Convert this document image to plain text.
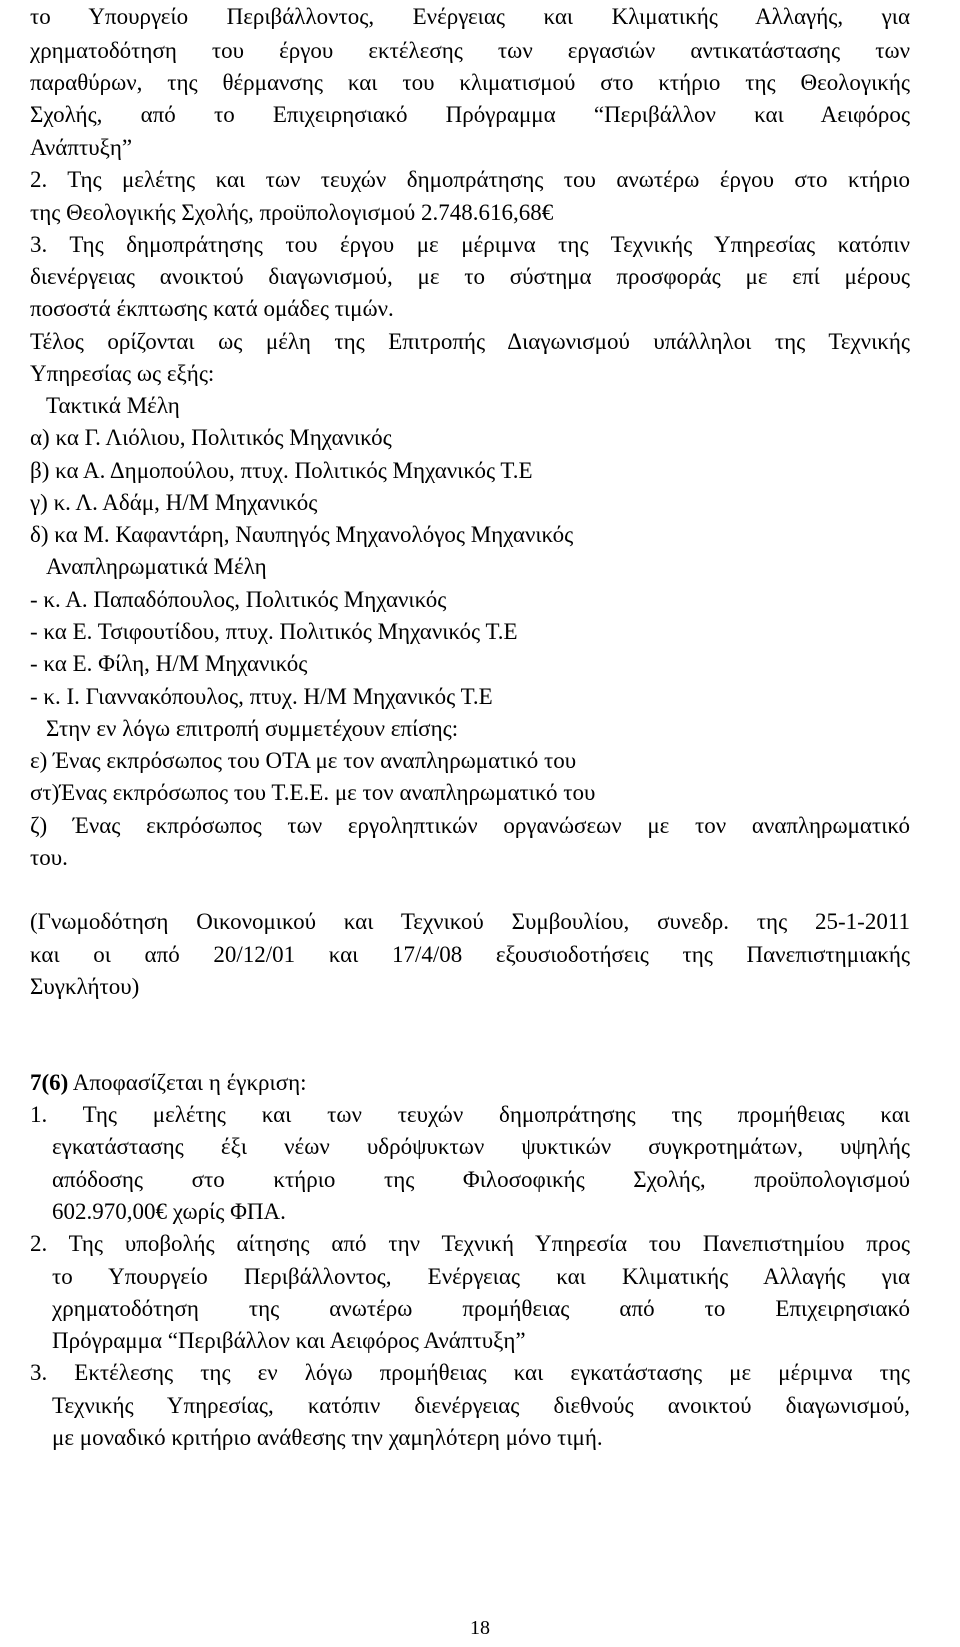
το Υπουργείο Περιβάλλοντος, Ενέργειας και Κλιματικής Αλλαγής, για
χρηματοδότηση του έργου εκτέλεσης των εργασιών αντικατάστασης των
παραθύρων, της θέρμανσης και του κλιματισμού στο κτήριο της Θεολογικής
Σχολής, από το Επιχειρησιακό Πρόγραμμα “Περιβάλλον και Αειφόρος
Ανάπτυξη”
2. Της μελέτης και των τευχών δημοπράτησης του ανωτέρω έργου στο κτήριο
της Θεολογικής Σχολής, προϋπολογισμού 2.748.616,68€
3. Της δημοπράτησης του έργου με μέριμνα της Τεχνικής Υπηρεσίας κατόπιν
διενέργειας ανοικτού διαγωνισμού, με το σύστημα προσφοράς με επί μέρους
ποσοστά έκπτωσης κατά ομάδες τιμών.
Τέλος ορίζονται ως μέλη της Επιτροπής Διαγωνισμού υπάλληλοι της Τεχνικής
Υπηρεσίας ως εξής:
Τακτικά Μέλη
α) κα Γ. Λιόλιου, Πολιτικός Μηχανικός
β) κα Α. Δημοπούλου, πτυχ. Πολιτικός Μηχανικός Τ.Ε
γ) κ. Λ. Αδάμ, Η/Μ Μηχανικός
δ) κα Μ. Καφαντάρη, Ναυπηγός Μηχανολόγος Μηχανικός
Αναπληρωματικά Μέλη
- κ. Α. Παπαδόπουλος, Πολιτικός Μηχανικός
- κα Ε. Τσιφουτίδου, πτυχ. Πολιτικός Μηχανικός Τ.Ε
- κα Ε. Φίλη, Η/Μ Μηχανικός
- κ. Ι. Γιαννακόπουλος, πτυχ. Η/Μ Μηχανικός Τ.Ε
Στην εν λόγω επιτροπή συμμετέχουν επίσης:
ε) Ένας εκπρόσωπος του ΟΤΑ με τον αναπληρωματικό του
στ)Ένας εκπρόσωπος του Τ.Ε.Ε. με τον αναπληρωματικό του
ζ) Ένας εκπρόσωπος των εργοληπτικών οργανώσεων με τον αναπληρωματικό
του.
(Γνωμοδότηση Οικονομικού και Τεχνικού Συμβουλίου, συνεδρ. της 25-1-2011
και οι από 20/12/01 και 17/4/08 εξουσιοδοτήσεις της Πανεπιστημιακής
Συγκλήτου)
7(6) Αποφασίζεται η έγκριση:
1. Της μελέτης και των τευχών δημοπράτησης της προμήθειας και
εγκατάστασης έξι νέων υδρόψυκτων ψυκτικών συγκροτημάτων, υψηλής
απόδοσης στο κτήριο της Φιλοσοφικής Σχολής, προϋπολογισμού
602.970,00€ χωρίς ΦΠΑ.
2. Της υποβολής αίτησης από την Τεχνική Υπηρεσία του Πανεπιστημίου προς
το Υπουργείο Περιβάλλοντος, Ενέργειας και Κλιματικής Αλλαγής για
χρηματοδότηση της ανωτέρω προμήθειας από το Επιχειρησιακό
Πρόγραμμα “Περιβάλλον και Αειφόρος Ανάπτυξη”
3. Εκτέλεσης της εν λόγω προμήθειας και εγκατάστασης με μέριμνα της
Τεχνικής Υπηρεσίας, κατόπιν διενέργειας διεθνούς ανοικτού διαγωνισμού,
με μοναδικό κριτήριο ανάθεσης την χαμηλότερη μόνο τιμή.
18
